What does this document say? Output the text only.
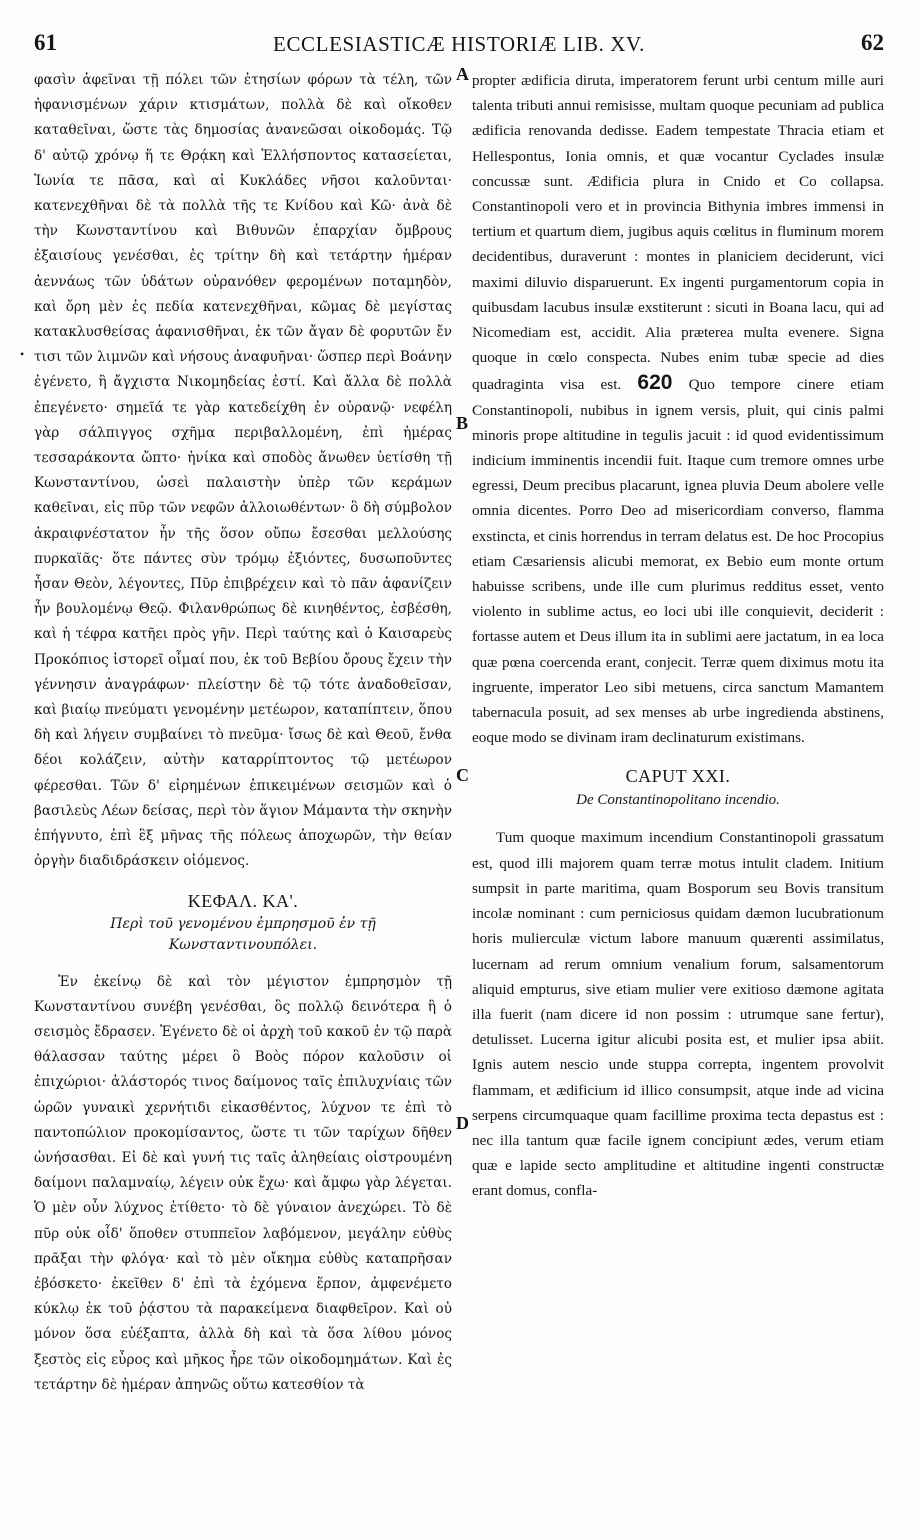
61	ECCLESIASTICÆ HISTORIÆ LIB. XV.	62
•

φασὶν ἀφεῖναι τῇ πόλει τῶν ἐτησίων φόρων τὰ τέλη, τῶν ἠφανισμένων χάριν κτισμάτων, πολλὰ δὲ καὶ οἴκοθεν καταθεῖναι, ὥστε τὰς δημοσίας ἀνανεῶσαι οἰκοδομάς. Τῷ δ' αὐτῷ χρόνῳ ἥ τε Θρᾴκη καὶ Ἑλλήσποντος κατασείεται, Ἰωνία τε πᾶσα, καὶ αἱ Κυκλάδες νῆσοι καλοῦνται· κατενεχθῆναι δὲ τὰ πολλὰ τῆς τε Κνίδου καὶ Κῶ· ἀνὰ δὲ τὴν Κωνσταντίνου καὶ Βιθυνῶν ἐπαρχίαν ὄμβρους ἐξαισίους γενέσθαι, ἐς τρίτην δὴ καὶ τετάρτην ἡμέραν ἀεννάως τῶν ὑδάτων οὐρανόθεν φερομένων ποταμηδὸν, καὶ ὄρη μὲν ἐς πεδία κατενεχθῆναι, κῶμας δὲ μεγίστας κατακλυσθείσας ἀφανισθῆναι, ἐκ τῶν ἄγαν δὲ φορυτῶν ἔν τισι τῶν λιμνῶν καὶ νήσους ἀναφυῆναι· ὥσπερ περὶ Βοάνην ἐγένετο, ἣ ἄγχιστα Νικομηδείας ἐστί. Καὶ ἄλλα δὲ πολλὰ ἐπεγένετο· σημεῖά τε γὰρ κατεδείχθη ἐν οὐρανῷ· νεφέλη γὰρ σάλπιγγος σχῆμα περιβαλλομένη, ἐπὶ ἡμέρας τεσσαράκοντα ὤπτο· ἡνίκα καὶ σποδὸς ἄνωθεν ὑετίσθη τῇ Κωνσταντίνου, ὡσεὶ παλαιστὴν ὑπὲρ τῶν κεράμων καθεῖναι, εἰς πῦρ τῶν νεφῶν ἀλλοιωθέντων· ὃ δὴ σύμβολον ἀκραιφνέστατον ἦν τῆς ὅσον οὔπω ἔσεσθαι μελλούσης πυρκαϊᾶς· ὅτε πάντες σὺν τρόμῳ ἐξιόντες, δυσωποῦντες ἦσαν Θεὸν, λέγοντες, Πῦρ ἐπιβρέχειν καὶ τὸ πᾶν ἀφανίζειν ἦν βουλομένῳ Θεῷ. Φιλανθρώπως δὲ κινηθέντος, ἐσβέσθη, καὶ ἡ τέφρα κατῆει πρὸς γῆν. Περὶ ταύτης καὶ ὁ Καισαρεὺς Προκόπιος ἱστορεῖ οἶμαί που, ἐκ τοῦ Βεβίου ὄρους ἔχειν τὴν γέννησιν ἀναγράφων· πλείστην δὲ τῷ τότε ἀναδοθεῖσαν, καὶ βιαίῳ πνεύματι γενομένην μετέωρον, καταπίπτειν, ὅπου δὴ καὶ λήγειν συμβαίνει τὸ πνεῦμα· ἴσως δὲ καὶ Θεοῦ, ἔνθα δέοι κολάζειν, αὐτὴν καταρρίπτοντος τῷ μετέωρον φέρεσθαι. Τῶν δ' εἰρημένων ἐπικειμένων σεισμῶν καὶ ὁ βασιλεὺς Λέων δείσας, περὶ τὸν ἅγιον Μάμαντα τὴν σκηνὴν ἐπήγνυτο, ἐπὶ ἓξ μῆνας τῆς πόλεως ἀποχωρῶν, τὴν θείαν ὀργὴν διαδιδράσκειν οἰόμενος.

ΚΕΦΑΛ. ΚΑ'.
Περὶ τοῦ γενομένου ἐμπρησμοῦ ἐν τῇ Κωνσταντινουπόλει.

Ἐν ἐκείνῳ δὲ καὶ τὸν μέγιστον ἐμπρησμὸν τῇ Κωνσταντίνου συνέβη γενέσθαι, ὃς πολλῷ δεινότερα ἢ ὁ σεισμὸς ἔδρασεν. Ἐγένετο δὲ οἱ ἀρχὴ τοῦ κακοῦ ἐν τῷ παρὰ θάλασσαν ταύτης μέρει ὃ Βοὸς πόρον καλοῦσιν οἱ ἐπιχώριοι· ἀλάστορός τινος δαίμονος ταῖς ἐπιλυχνίαις τῶν ὡρῶν γυναικὶ χερνήτιδι εἰκασθέντος, λύχνον τε ἐπὶ τὸ παντοπώλιον προκομίσαντος, ὥστε τι τῶν ταρίχων δῆθεν ὠνήσασθαι. Εἰ δὲ καὶ γυνή τις ταῖς ἀληθείαις οἰστρουμένη δαίμονι παλαμναίῳ, λέγειν οὐκ ἔχω· καὶ ἄμφω γὰρ λέγεται. Ὁ μὲν οὖν λύχνος ἐτίθετο· τὸ δὲ γύναιον ἀνεχώρει. Τὸ δὲ πῦρ οὐκ οἶδ' ὅποθεν στυππεῖον λαβόμενον, μεγάλην εὐθὺς πρᾶξαι τὴν φλόγα· καὶ τὸ μὲν οἴκημα εὐθὺς καταπρῆσαν ἐβόσκετο· ἐκεῖθεν δ' ἐπὶ τὰ ἐχόμενα ἕρπον, ἀμφενέμετο κύκλῳ ἐκ τοῦ ῥᾴστου τὰ παρακείμενα διαφθεῖρον. Καὶ οὐ μόνον ὅσα εὐέξαπτα, ἀλλὰ δὴ καὶ τὰ ὅσα λίθου μόνος ξεστὸς εἰς εὖρος καὶ μῆκος ἦρε τῶν οἰκοδομημάτων. Καὶ ἐς τετάρτην δὲ ἡμέραν ἀπηνῶς οὕτω κατεσθίον τὰ

A
B
C
D

propter ædificia diruta, imperatorem ferunt urbi centum mille auri talenta tributi annui remisisse, multam quoque pecuniam ad publica ædificia renovanda dedisse. Eadem tempestate Thracia etiam et Hellespontus, Ionia omnis, et quæ vocantur Cyclades insulæ concussæ sunt. Ædificia plura in Cnido et Co collapsa. Constantinopoli vero et in provincia Bithynia imbres immensi in tertium et quartum diem, jugibus aquis cœlitus in fluminum morem decidentibus, duraverunt : montes in planiciem deciderunt, vici maximi diluvio disparuerunt. Ex ingenti purgamentorum copia in quibusdam lacubus insulæ exstiterunt : sicuti in Boana lacu, qui ad Nicomediam est, accidit. Alia præterea multa evenere. Signa quoque in cœlo conspecta. Nubes enim tubæ specie ad dies quadraginta visa est. 620 Quo tempore cinere etiam Constantinopoli, nubibus in ignem versis, pluit, qui cinis palmi minoris prope altitudine in tegulis jacuit : id quod evidentissimum indicium imminentis incendii fuit. Itaque cum tremore omnes urbe egressi, Deum precibus placarunt, ignea pluvia Deum abolere velle omnia dicentes. Porro Deo ad misericordiam converso, flamma exstincta, et cinis horrendus in terram delatus est. De hoc Procopius etiam Cæsariensis alicubi memorat, ex Bebio eum monte ortum habuisse scribens, unde ille cum plurimus redditus esset, vento violento in sublime actus, eo loci ubi ille conquievit, deciderit : fortasse autem et Deus illum ita in sublimi aere jactatum, in ea loca quæ pœna coercenda erant, conjecit. Terræ quem diximus motu ita ingruente, imperator Leo sibi metuens, circa sanctum Mamantem tabernacula posuit, ad sex menses ab urbe ingredienda abstinens, eoque modo se divinam iram declinaturum existimans.

CAPUT XXI.
De Constantinopolitano incendio.

Tum quoque maximum incendium Constantinopoli grassatum est, quod illi majorem quam terræ motus intulit cladem. Initium sumpsit in parte maritima, quam Bosporum seu Bovis transitum incolæ nominant : cum perniciosus quidam dæmon lucubrationum horis mulierculæ victum labore manuum quærenti assimilatus, lucernam ad rerum omnium venalium forum, salsamentorum aliquid empturus, sive etiam mulier vere exitioso dæmone agitata illa fuerit (nam dicere id non possim : utrumque sane fertur), detulisset. Lucerna igitur alicubi posita est, et mulier ipsa abiit. Ignis autem nescio unde stuppa correpta, ingentem provolvit flammam, et ædificium id illico consumpsit, atque inde ad vicina serpens circumquaque quam facillime proxima tecta depastus est : nec illa tantum quæ facile ignem concipiunt ædes, verum etiam quæ e lapide secto amplitudine et altitudine ingenti constructæ erant domus, confla-
